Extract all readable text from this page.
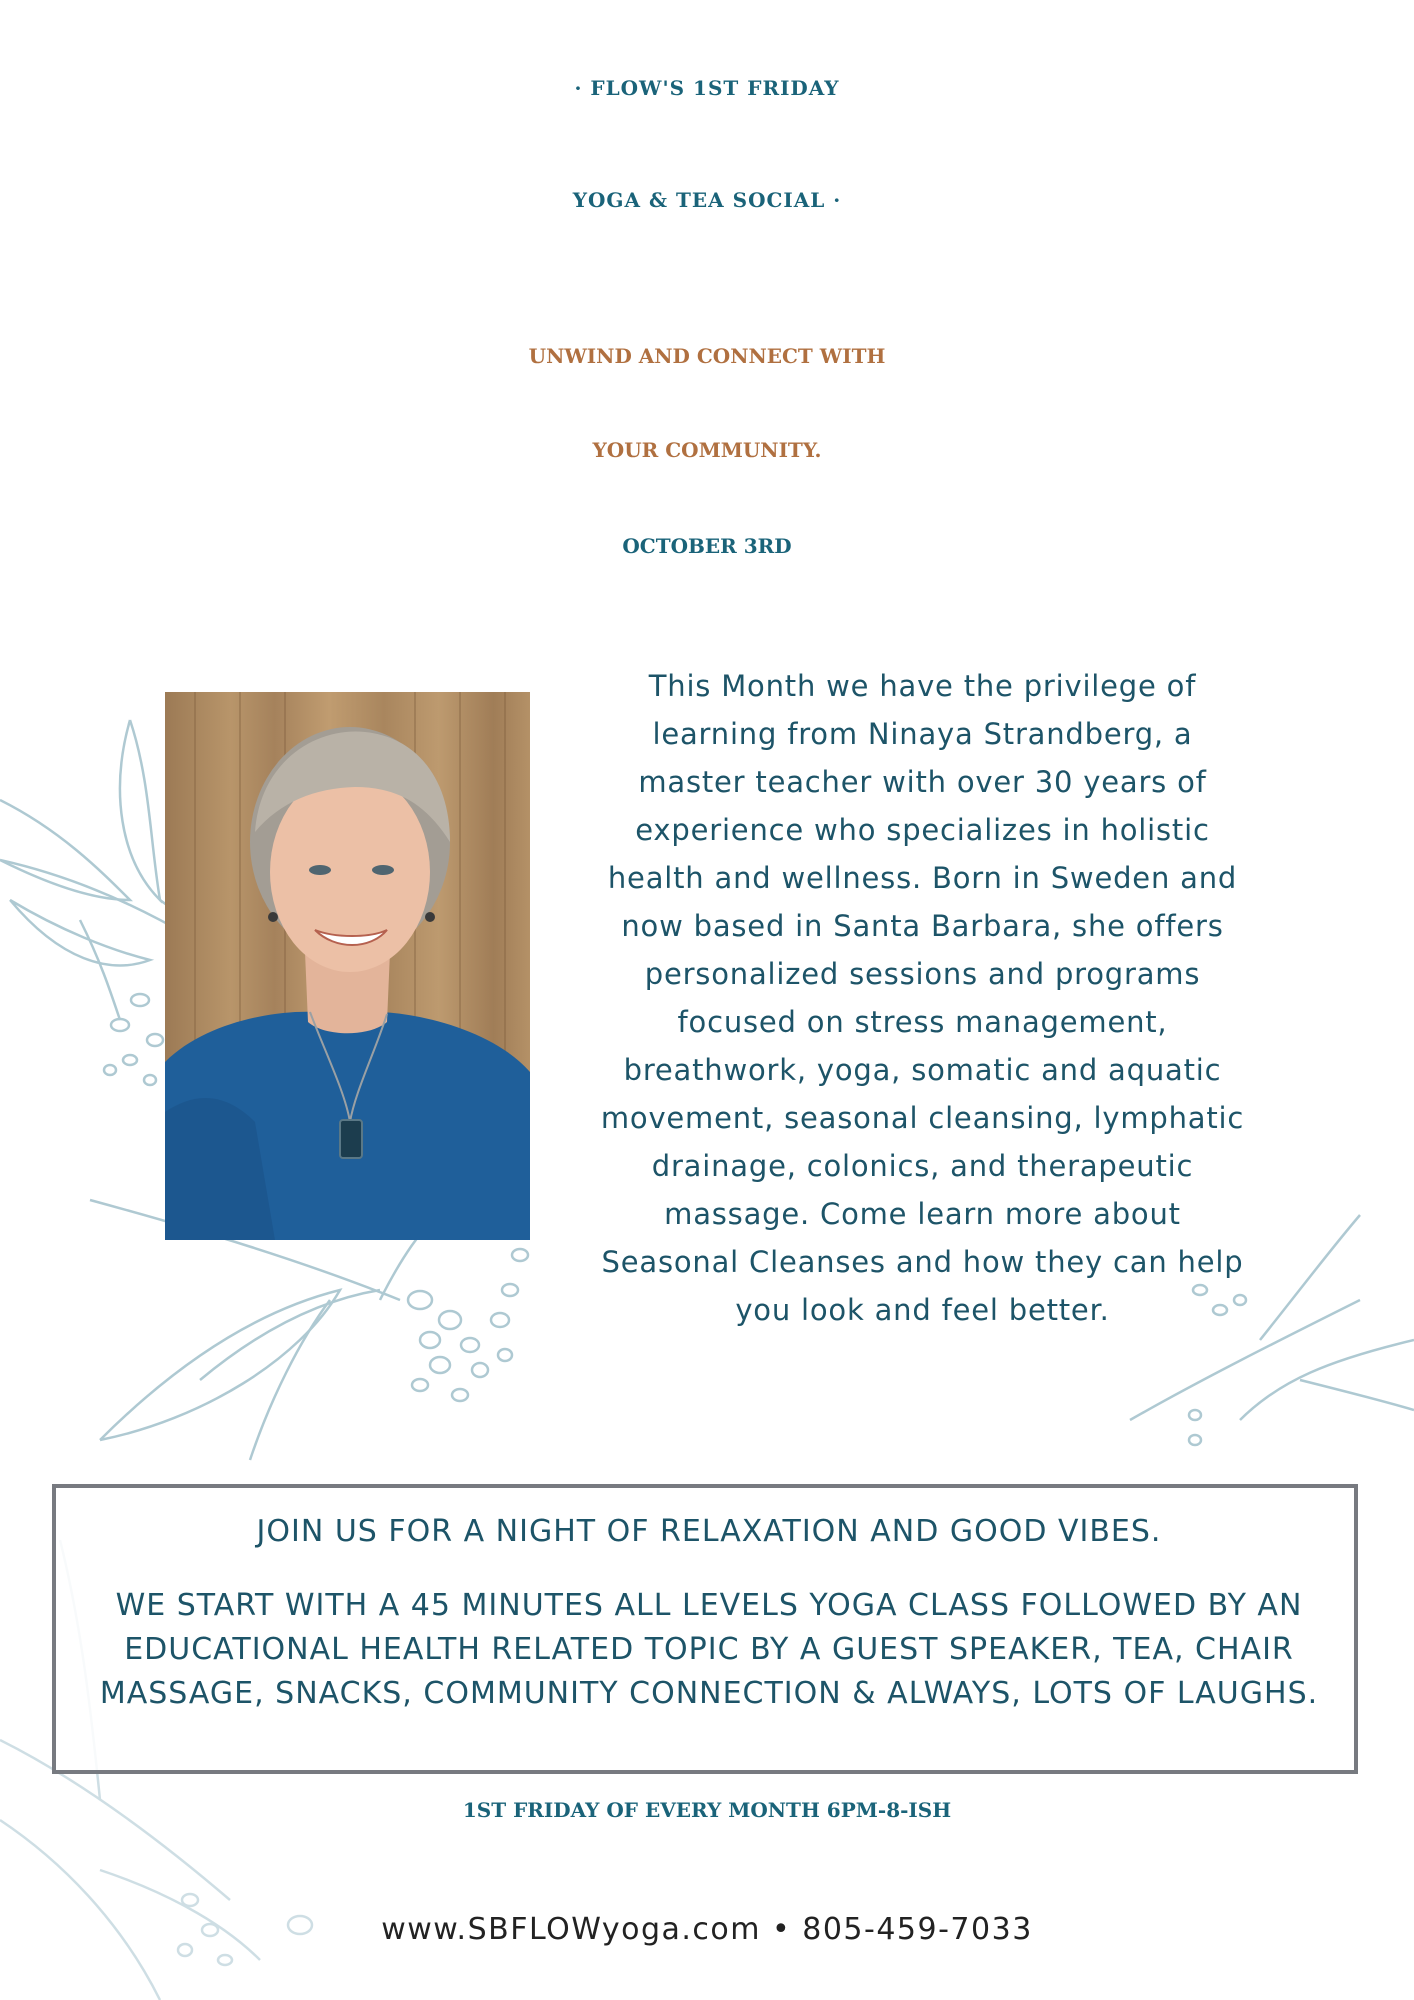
· FLOW'S 1ST FRIDAY
YOGA & TEA SOCIAL ·
UNWIND AND CONNECT WITH
YOUR COMMUNITY.
OCTOBER 3RD
This Month we have the privilege of learning from Ninaya Strandberg, a master teacher with over 30 years of experience who specializes in holistic health and wellness. Born in Sweden and now based in Santa Barbara, she offers personalized sessions and programs focused on stress management, breathwork, yoga, somatic and aquatic movement, seasonal cleansing, lymphatic drainage, colonics, and therapeutic massage. Come learn more about Seasonal Cleanses and how they can help you look and feel better.
JOIN US FOR A NIGHT OF RELAXATION AND GOOD VIBES.
WE START WITH A 45 MINUTES ALL LEVELS YOGA CLASS FOLLOWED BY AN EDUCATIONAL HEALTH RELATED TOPIC BY A GUEST SPEAKER, TEA, CHAIR MASSAGE, SNACKS, COMMUNITY CONNECTION & ALWAYS, LOTS OF LAUGHS.
1ST FRIDAY OF EVERY MONTH 6PM-8-ISH
www.SBFLOWyoga.com • 805-459-7033
